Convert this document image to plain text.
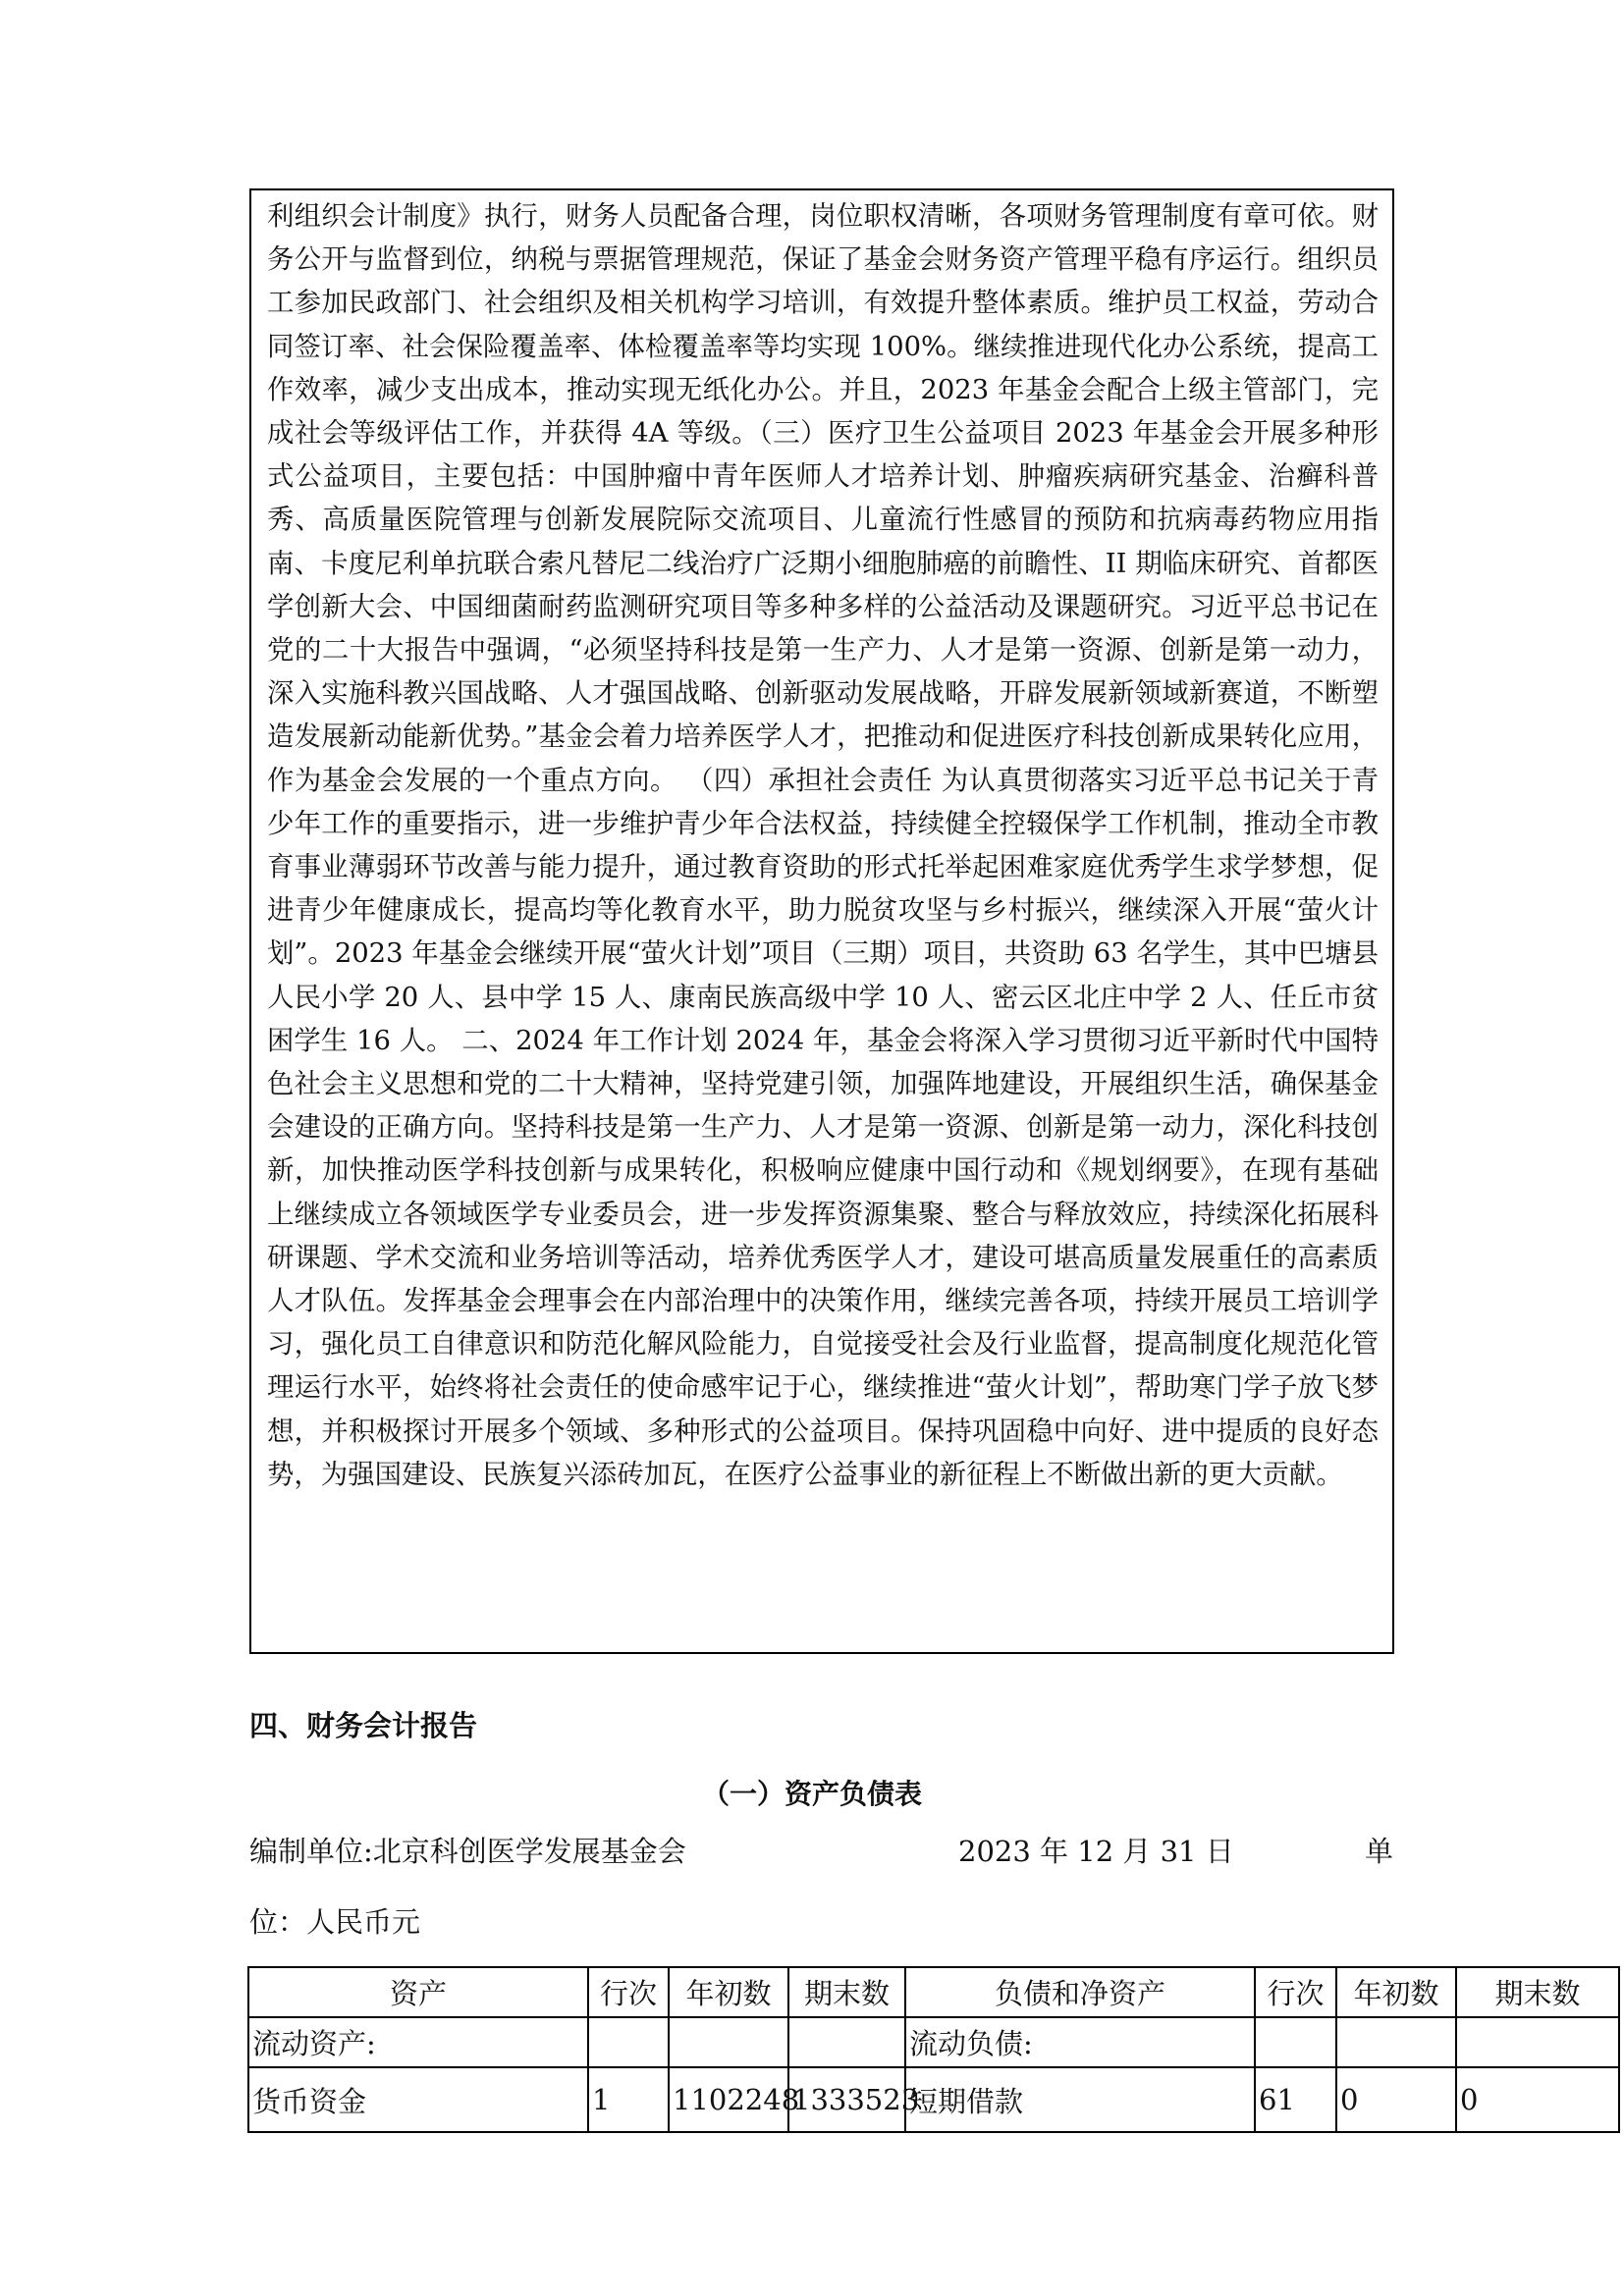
利组织会计制度》执行，财务人员配备合理，岗位职权清晰，各项财务管理制度有章可依。财务公开与监督到位，纳税与票据管理规范，保证了基金会财务资产管理平稳有序运行。组织员工参加民政部门、社会组织及相关机构学习培训，有效提升整体素质。维护员工权益，劳动合同签订率、社会保险覆盖率、体检覆盖率等均实现 100%。继续推进现代化办公系统，提高工作效率，减少支出成本，推动实现无纸化办公。并且，2023 年基金会配合上级主管部门，完成社会等级评估工作，并获得 4A 等级。（三）医疗卫生公益项目 2023 年基金会开展多种形式公益项目，主要包括：中国肿瘤中青年医师人才培养计划、肿瘤疾病研究基金、治癣科普秀、高质量医院管理与创新发展院际交流项目、儿童流行性感冒的预防和抗病毒药物应用指南、卡度尼利单抗联合索凡替尼二线治疗广泛期小细胞肺癌的前瞻性、II 期临床研究、首都医学创新大会、中国细菌耐药监测研究项目等多种多样的公益活动及课题研究。习近平总书记在党的二十大报告中强调，“必须坚持科技是第一生产力、人才是第一资源、创新是第一动力，深入实施科教兴国战略、人才强国战略、创新驱动发展战略，开辟发展新领域新赛道，不断塑造发展新动能新优势。”基金会着力培养医学人才，把推动和促进医疗科技创新成果转化应用，作为基金会发展的一个重点方向。 （四）承担社会责任 为认真贯彻落实习近平总书记关于青少年工作的重要指示，进一步维护青少年合法权益，持续健全控辍保学工作机制，推动全市教育事业薄弱环节改善与能力提升，通过教育资助的形式托举起困难家庭优秀学生求学梦想，促进青少年健康成长，提高均等化教育水平，助力脱贫攻坚与乡村振兴，继续深入开展“萤火计划”。2023 年基金会继续开展“萤火计划”项目（三期）项目，共资助 63 名学生，其中巴塘县人民小学 20 人、县中学 15 人、康南民族高级中学 10 人、密云区北庄中学 2 人、任丘市贫困学生 16 人。 二、2024 年工作计划 2024 年，基金会将深入学习贯彻习近平新时代中国特色社会主义思想和党的二十大精神，坚持党建引领，加强阵地建设，开展组织生活，确保基金会建设的正确方向。坚持科技是第一生产力、人才是第一资源、创新是第一动力，深化科技创新，加快推动医学科技创新与成果转化，积极响应健康中国行动和《规划纲要》，在现有基础上继续成立各领域医学专业委员会，进一步发挥资源集聚、整合与释放效应，持续深化拓展科研课题、学术交流和业务培训等活动，培养优秀医学人才，建设可堪高质量发展重任的高素质人才队伍。发挥基金会理事会在内部治理中的决策作用，继续完善各项，持续开展员工培训学习，强化员工自律意识和防范化解风险能力，自觉接受社会及行业监督，提高制度化规范化管理运行水平，始终将社会责任的使命感牢记于心，继续推进“萤火计划”，帮助寒门学子放飞梦想，并积极探讨开展多个领域、多种形式的公益项目。保持巩固稳中向好、进中提质的良好态势，为强国建设、民族复兴添砖加瓦，在医疗公益事业的新征程上不断做出新的更大贡献。

四、财务会计报告
（一）资产负债表
编制单位:北京科创医学发展基金会	2023 年 12 月 31 日	单
位：人民币元
资产	行次	年初数	期末数	负债和净资产	行次	年初数	期末数
流动资产:				流动负债:			
货币资金	1	1102248	1333523	短期借款	61	0	0
